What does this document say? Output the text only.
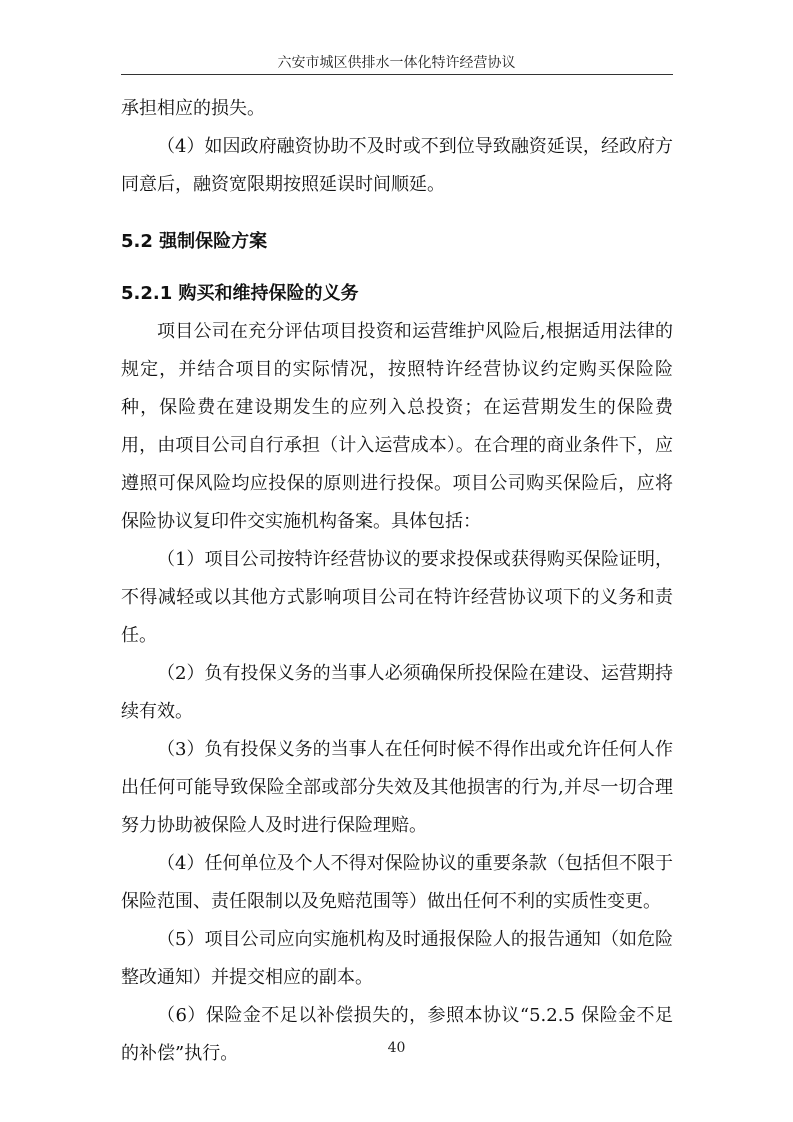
六安市城区供排水一体化特许经营协议

承担相应的损失。

（4）如因政府融资协助不及时或不到位导致融资延误，经政府方同意后，融资宽限期按照延误时间顺延。

5.2 强制保险方案

5.2.1 购买和维持保险的义务

项目公司在充分评估项目投资和运营维护风险后,根据适用法律的规定，并结合项目的实际情况，按照特许经营协议约定购买保险险种，保险费在建设期发生的应列入总投资；在运营期发生的保险费用，由项目公司自行承担（计入运营成本）。在合理的商业条件下，应遵照可保风险均应投保的原则进行投保。项目公司购买保险后，应将保险协议复印件交实施机构备案。具体包括：

（1）项目公司按特许经营协议的要求投保或获得购买保险证明，不得减轻或以其他方式影响项目公司在特许经营协议项下的义务和责任。

（2）负有投保义务的当事人必须确保所投保险在建设、运营期持续有效。

（3）负有投保义务的当事人在任何时候不得作出或允许任何人作出任何可能导致保险全部或部分失效及其他损害的行为,并尽一切合理努力协助被保险人及时进行保险理赔。

（4）任何单位及个人不得对保险协议的重要条款（包括但不限于保险范围、责任限制以及免赔范围等）做出任何不利的实质性变更。

（5）项目公司应向实施机构及时通报保险人的报告通知（如危险整改通知）并提交相应的副本。

（6）保险金不足以补偿损失的，参照本协议“5.2.5 保险金不足的补偿”执行。	40
